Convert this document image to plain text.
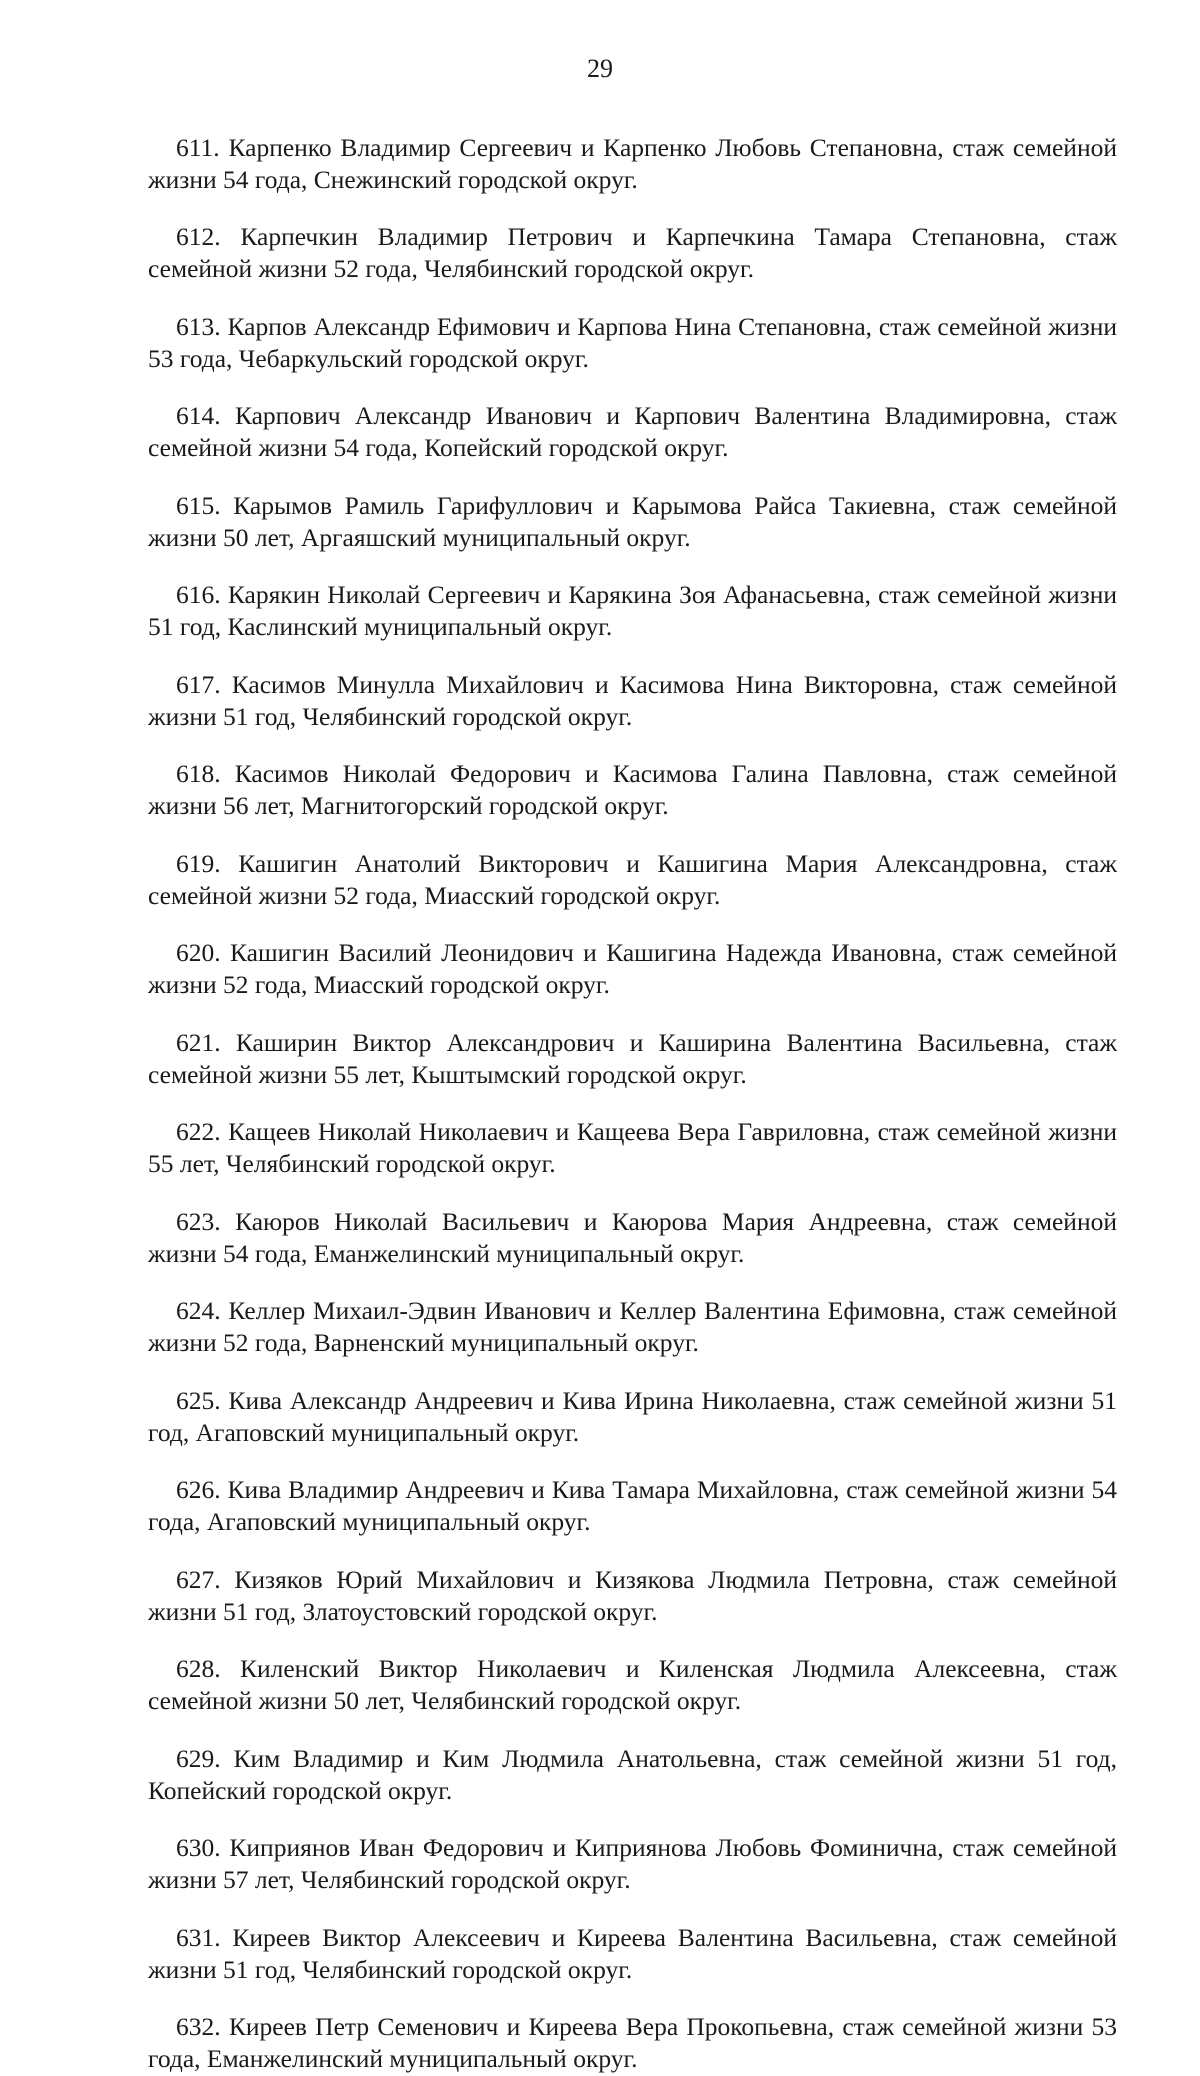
29

611. Карпенко Владимир Сергеевич и Карпенко Любовь Степановна, стаж семейной жизни 54 года, Снежинский городской округ.

612. Карпечкин Владимир Петрович и Карпечкина Тамара Степановна, стаж семейной жизни 52 года, Челябинский городской округ.

613. Карпов Александр Ефимович и Карпова Нина Степановна, стаж семейной жизни 53 года, Чебаркульский городской округ.

614. Карпович Александр Иванович и Карпович Валентина Владимировна, стаж семейной жизни 54 года, Копейский городской округ.

615. Карымов Рамиль Гарифуллович и Карымова Райса Такиевна, стаж семейной жизни 50 лет, Аргаяшский муниципальный округ.

616. Карякин Николай Сергеевич и Карякина Зоя Афанасьевна, стаж семейной жизни 51 год, Каслинский муниципальный округ.

617. Касимов Минулла Михайлович и Касимова Нина Викторовна, стаж семейной жизни 51 год, Челябинский городской округ.

618. Касимов Николай Федорович и Касимова Галина Павловна, стаж семейной жизни 56 лет, Магнитогорский городской округ.

619. Кашигин Анатолий Викторович и Кашигина Мария Александровна, стаж семейной жизни 52 года, Миасский городской округ.

620. Кашигин Василий Леонидович и Кашигина Надежда Ивановна, стаж семейной жизни 52 года, Миасский городской округ.

621. Каширин Виктор Александрович и Каширина Валентина Васильевна, стаж семейной жизни 55 лет, Кыштымский городской округ.

622. Кащеев Николай Николаевич и Кащеева Вера Гавриловна, стаж семейной жизни 55 лет, Челябинский городской округ.

623. Каюров Николай Васильевич и Каюрова Мария Андреевна, стаж семейной жизни 54 года, Еманжелинский муниципальный округ.

624. Келлер Михаил-Эдвин Иванович и Келлер Валентина Ефимовна, стаж семейной жизни 52 года, Варненский муниципальный округ.

625. Кива Александр Андреевич и Кива Ирина Николаевна, стаж семейной жизни 51 год, Агаповский муниципальный округ.

626. Кива Владимир Андреевич и Кива Тамара Михайловна, стаж семейной жизни 54 года, Агаповский муниципальный округ.

627. Кизяков Юрий Михайлович и Кизякова Людмила Петровна, стаж семейной жизни 51 год, Златоустовский городской округ.

628. Киленский Виктор Николаевич и Киленская Людмила Алексеевна, стаж семейной жизни 50 лет, Челябинский городской округ.

629. Ким Владимир и Ким Людмила Анатольевна, стаж семейной жизни 51 год, Копейский городской округ.

630. Киприянов Иван Федорович и Киприянова Любовь Фоминична, стаж семейной жизни 57 лет, Челябинский городской округ.

631. Киреев Виктор Алексеевич и Киреева Валентина Васильевна, стаж семейной жизни 51 год, Челябинский городской округ.

632. Киреев Петр Семенович и Киреева Вера Прокопьевна, стаж семейной жизни 53 года, Еманжелинский муниципальный округ.
